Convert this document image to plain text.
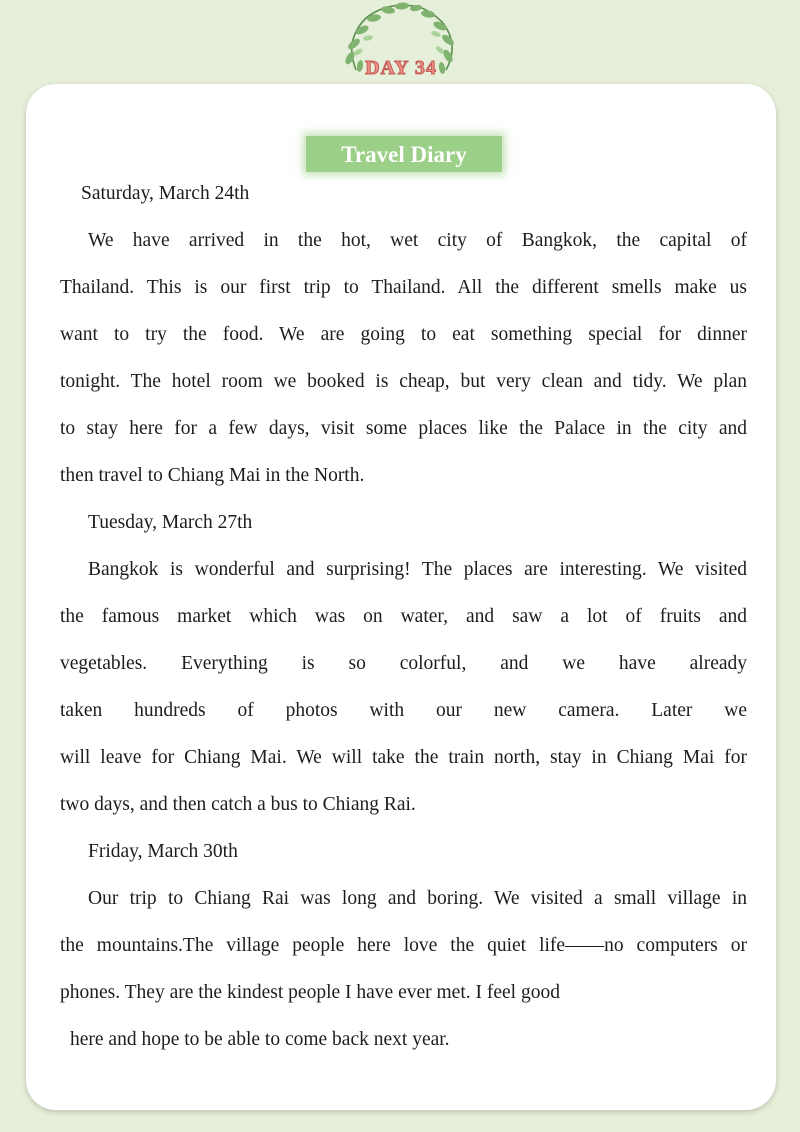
DAY 34
Travel Diary
Saturday, March 24th
We have arrived in the hot, wet city of Bangkok, the capital of
Thailand. This is our first trip to Thailand. All the different smells make us
want to try the food. We are going to eat something special for dinner
tonight. The hotel room we booked is cheap, but very clean and tidy. We plan
to stay here for a few days, visit some places like the Palace in the city and
then travel to Chiang Mai in the North.
Tuesday, March 27th
Bangkok is wonderful and surprising! The places are interesting. We visited
the famous market which was on water, and saw a lot of fruits and
vegetables. Everything is so colorful, and we have already
taken hundreds of photos with our new camera. Later we
will leave for Chiang Mai. We will take the train north, stay in Chiang Mai for
two days, and then catch a bus to Chiang Rai.
Friday, March 30th
Our trip to Chiang Rai was long and boring. We visited a small village in
the mountains.The village people here love the quiet life——no computers or
phones. They are the kindest people I have ever met. I feel good
here and hope to be able to come back next year.
